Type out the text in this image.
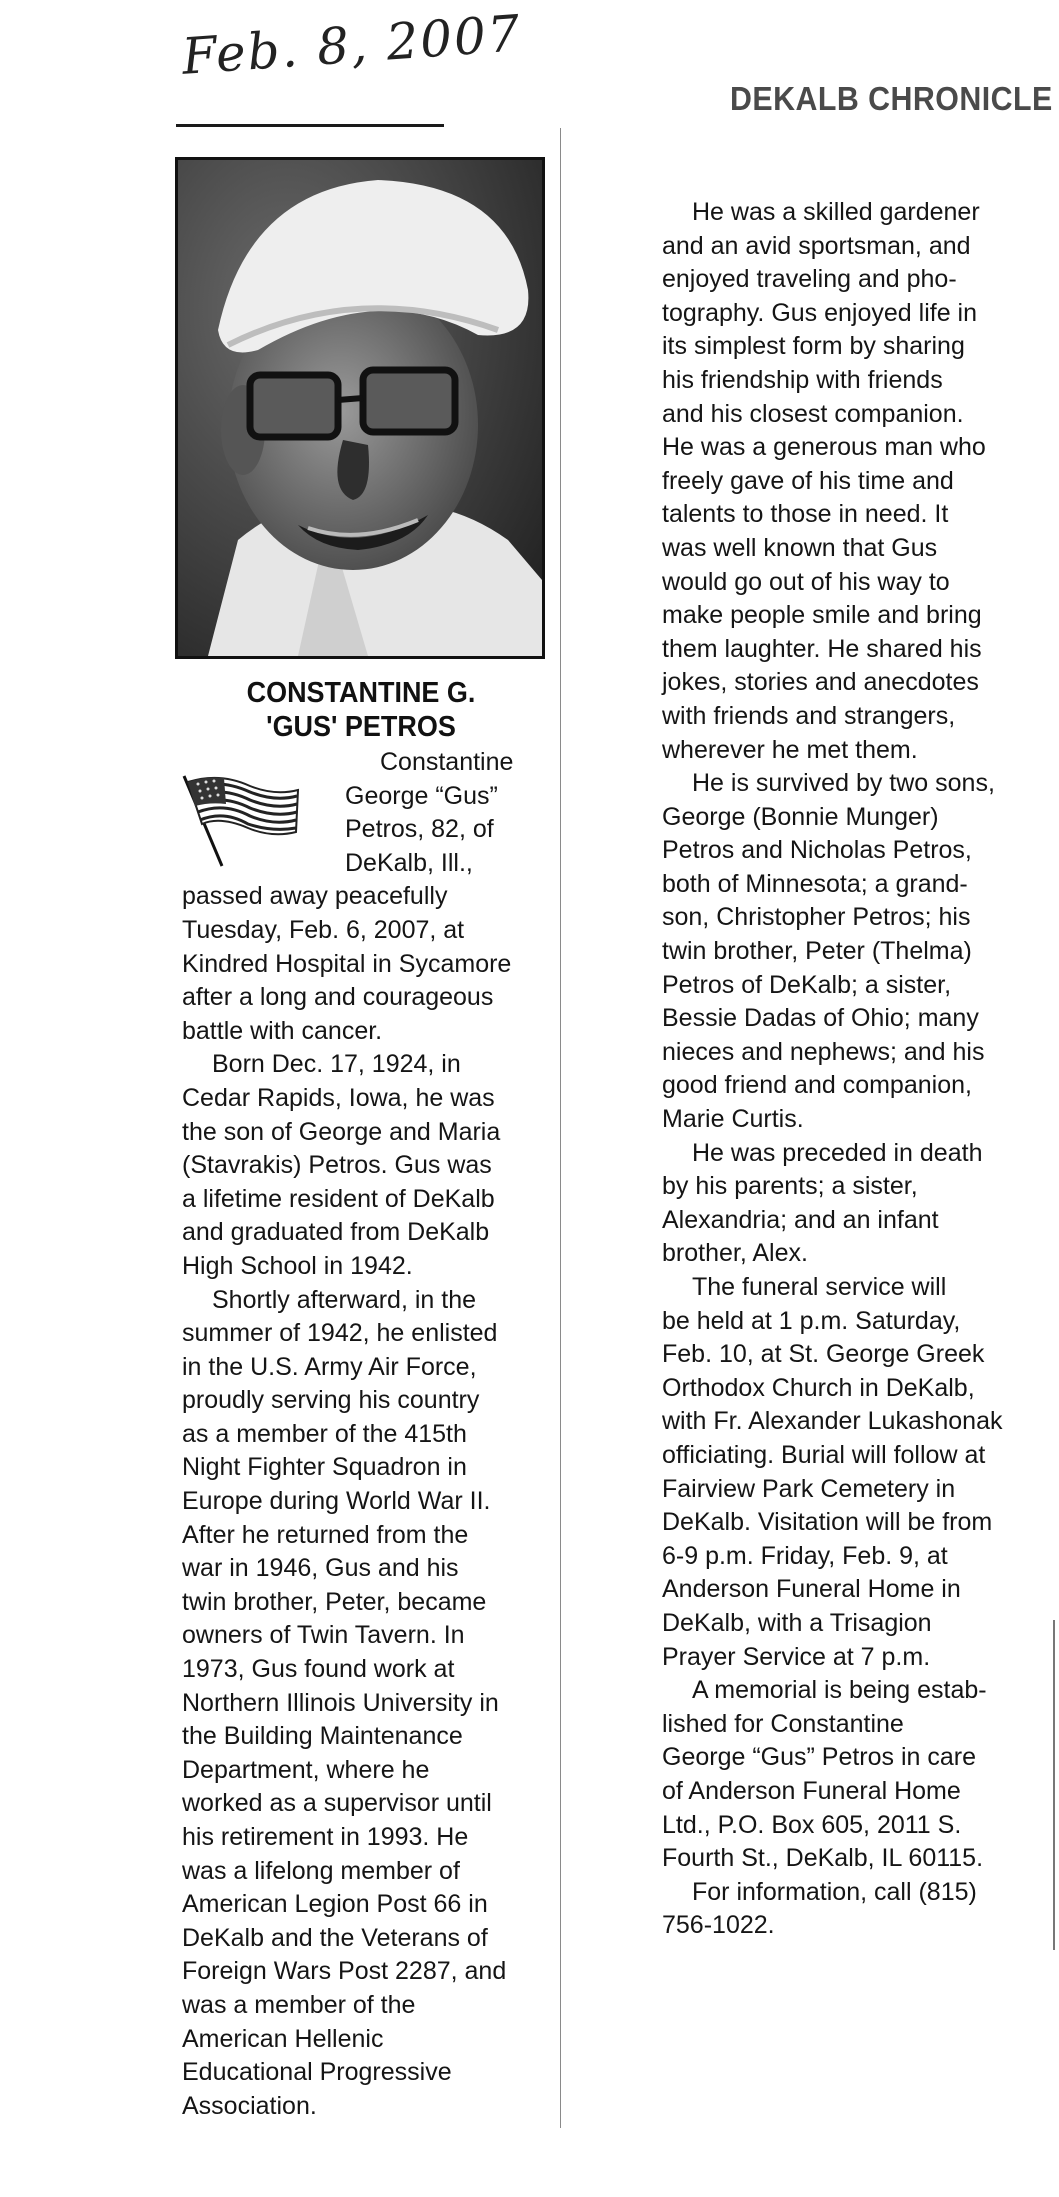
Feb. 8, 2007
DEKALB CHRONICLE
CONSTANTINE G.
'GUS' PETROS
Constantine
George “Gus”
Petros, 82, of
DeKalb, Ill.,
passed away peacefully
Tuesday, Feb. 6, 2007, at
Kindred Hospital in Sycamore
after a long and courageous
battle with cancer.
Born Dec. 17, 1924, in
Cedar Rapids, Iowa, he was
the son of George and Maria
(Stavrakis) Petros. Gus was
a lifetime resident of DeKalb
and graduated from DeKalb
High School in 1942.
Shortly afterward, in the
summer of 1942, he enlisted
in the U.S. Army Air Force,
proudly serving his country
as a member of the 415th
Night Fighter Squadron in
Europe during World War II.
After he returned from the
war in 1946, Gus and his
twin brother, Peter, became
owners of Twin Tavern. In
1973, Gus found work at
Northern Illinois University in
the Building Maintenance
Department, where he
worked as a supervisor until
his retirement in 1993. He
was a lifelong member of
American Legion Post 66 in
DeKalb and the Veterans of
Foreign Wars Post 2287, and
was a member of the
American Hellenic
Educational Progressive
Association.
He was a skilled gardener
and an avid sportsman, and
enjoyed traveling and pho-
tography. Gus enjoyed life in
its simplest form by sharing
his friendship with friends
and his closest companion.
He was a generous man who
freely gave of his time and
talents to those in need. It
was well known that Gus
would go out of his way to
make people smile and bring
them laughter. He shared his
jokes, stories and anecdotes
with friends and strangers,
wherever he met them.
He is survived by two sons,
George (Bonnie Munger)
Petros and Nicholas Petros,
both of Minnesota; a grand-
son, Christopher Petros; his
twin brother, Peter (Thelma)
Petros of DeKalb; a sister,
Bessie Dadas of Ohio; many
nieces and nephews; and his
good friend and companion,
Marie Curtis.
He was preceded in death
by his parents; a sister,
Alexandria; and an infant
brother, Alex.
The funeral service will
be held at 1 p.m. Saturday,
Feb. 10, at St. George Greek
Orthodox Church in DeKalb,
with Fr. Alexander Lukashonak
officiating. Burial will follow at
Fairview Park Cemetery in
DeKalb. Visitation will be from
6-9 p.m. Friday, Feb. 9, at
Anderson Funeral Home in
DeKalb, with a Trisagion
Prayer Service at 7 p.m.
A memorial is being estab-
lished for Constantine
George “Gus” Petros in care
of Anderson Funeral Home
Ltd., P.O. Box 605, 2011 S.
Fourth St., DeKalb, IL 60115.
For information, call (815)
756-1022.
